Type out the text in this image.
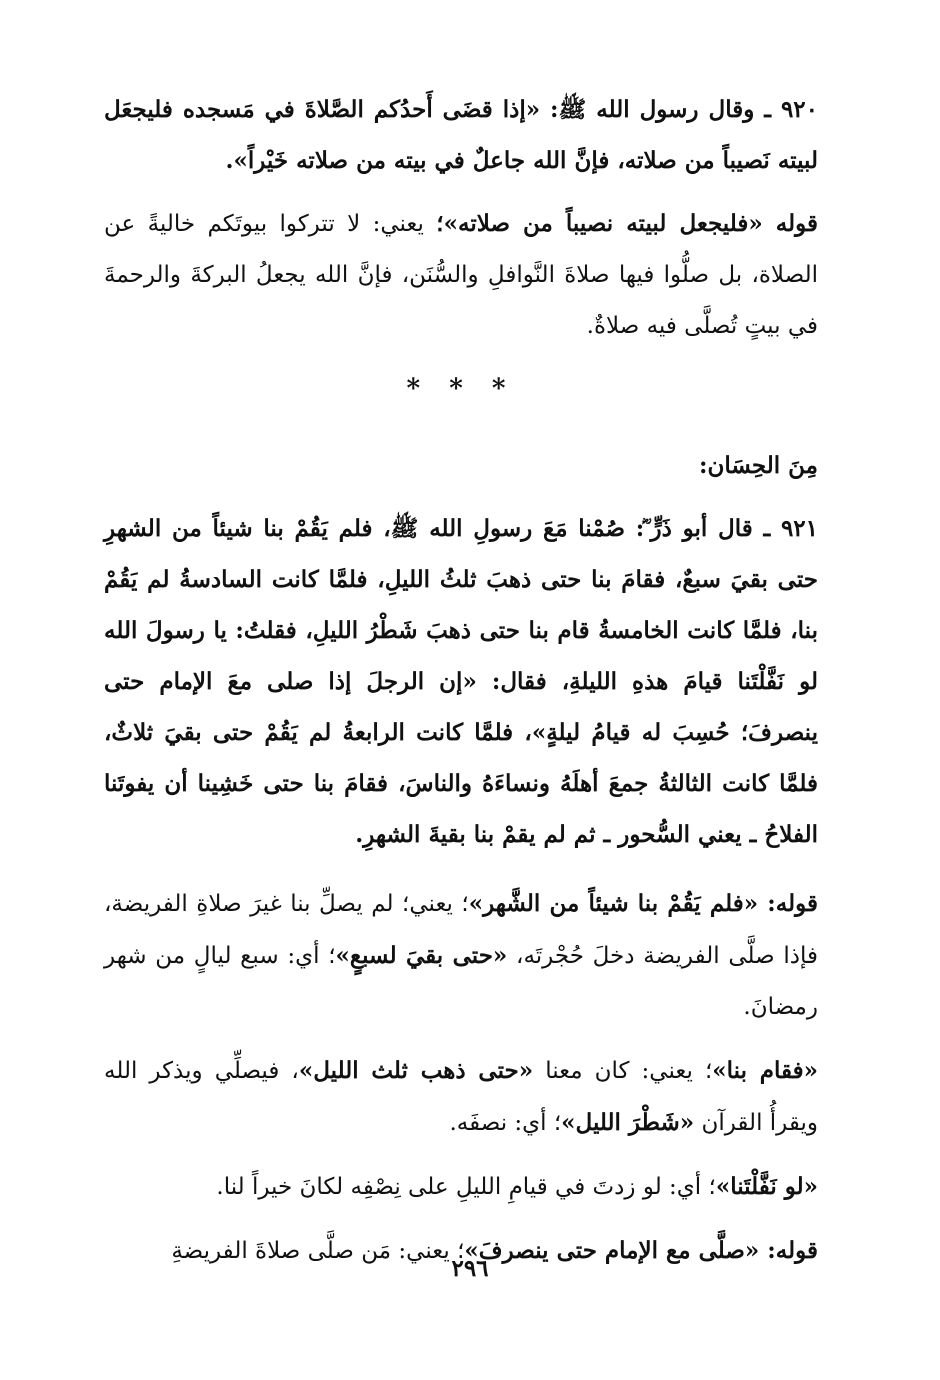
٩٢٠ ـ وقال رسول الله ﷺ: «إذا قضَى أَحدُكم الصَّلاةَ في مَسجده فليجعَل لبيته نَصيباً من صلاته، فإنَّ الله جاعلٌ في بيته من صلاته خَيْراً».

قوله «فليجعل لبيته نصيباً من صلاته»؛ يعني: لا تتركوا بيوتَكم خاليةً عن الصلاة، بل صلُّوا فيها صلاةَ النَّوافلِ والسُّنَن، فإنَّ الله يجعلُ البركةَ والرحمةَ في بيتٍ تُصلَّى فيه صلاةٌ.

* * *

مِنَ الحِسَان:

٩٢١ ـ قال أبو ذَرٍّ ؓ: صُمْنا مَعَ رسولِ الله ﷺ، فلم يَقُمْ بنا شيئاً من الشهرِ حتى بقيَ سبعٌ، فقامَ بنا حتى ذهبَ ثلثُ الليلِ، فلمَّا كانت السادسةُ لم يَقُمْ بنا، فلمَّا كانت الخامسةُ قام بنا حتى ذهبَ شَطْرُ الليلِ، فقلتُ: يا رسولَ الله لو نَفَّلْتَنا قيامَ هذهِ الليلةِ، فقال: «إن الرجلَ إذا صلى معَ الإمام حتى ينصرفَ؛ حُسِبَ له قيامُ ليلةٍ»، فلمَّا كانت الرابعةُ لم يَقُمْ حتى بقيَ ثلاثٌ، فلمَّا كانت الثالثةُ جمعَ أهلَهُ ونساءَهُ والناسَ، فقامَ بنا حتى خَشِينا أن يفوتَنا الفلاحُ ـ يعني السُّحور ـ ثم لم يقمْ بنا بقيةَ الشهرِ.

قوله: «فلم يَقُمْ بنا شيئاً من الشَّهر»؛ يعني؛ لم يصلِّ بنا غيرَ صلاةِ الفريضة، فإذا صلَّى الفريضة دخلَ حُجْرتَه، «حتى بقيَ لسبعٍ»؛ أي: سبع ليالٍ من شهر رمضانَ.

«فقام بنا»؛ يعني: كان معنا «حتى ذهب ثلث الليل»، فيصلِّي ويذكر الله ويقرأُ القرآن «شَطْرَ الليل»؛ أي: نصفَه.

«لو نَفَّلْتَنا»؛ أي: لو زدتَ في قيامِ الليلِ على نِصْفِه لكانَ خيراً لنا.

قوله: «صلَّى مع الإمام حتى ينصرفَ»؛ يعني: مَن صلَّى صلاةَ الفريضةِ

٢٩٦
